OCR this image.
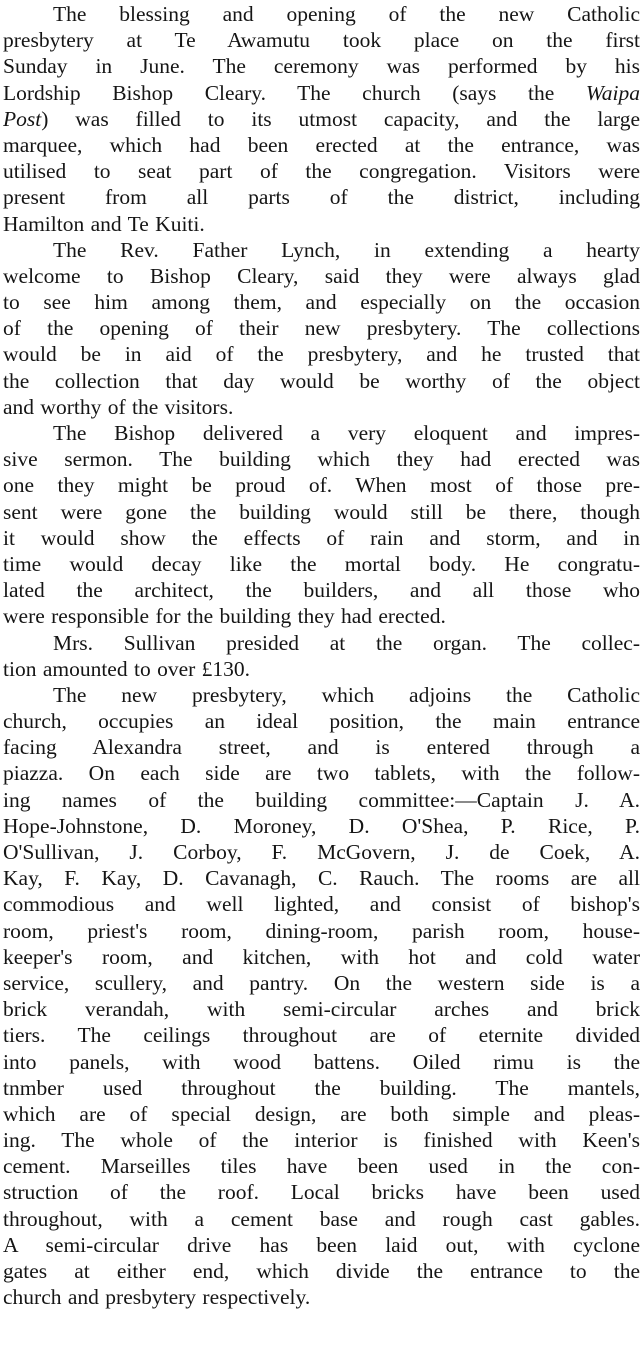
The blessing and opening of the new Catholic
presbytery at Te Awamutu took place on the first
Sunday in June. The ceremony was performed by his
Lordship Bishop Cleary. The church (says the Waipa
Post) was filled to its utmost capacity, and the large
marquee, which had been erected at the entrance, was
utilised to seat part of the congregation. Visitors were
present from all parts of the district, including
Hamilton and Te Kuiti.
The Rev. Father Lynch, in extending a hearty
welcome to Bishop Cleary, said they were always glad
to see him among them, and especially on the occasion
of the opening of their new presbytery. The collections
would be in aid of the presbytery, and he trusted that
the collection that day would be worthy of the object
and worthy of the visitors.
The Bishop delivered a very eloquent and impres-
sive sermon. The building which they had erected was
one they might be proud of. When most of those pre-
sent were gone the building would still be there, though
it would show the effects of rain and storm, and in
time would decay like the mortal body. He congratu-
lated the architect, the builders, and all those who
were responsible for the building they had erected.
Mrs. Sullivan presided at the organ. The collec-
tion amounted to over £130.
The new presbytery, which adjoins the Catholic
church, occupies an ideal position, the main entrance
facing Alexandra street, and is entered through a
piazza. On each side are two tablets, with the follow-
ing names of the building committee:—Captain J. A.
Hope-Johnstone, D. Moroney, D. O'Shea, P. Rice, P.
O'Sullivan, J. Corboy, F. McGovern, J. de Coek, A.
Kay, F. Kay, D. Cavanagh, C. Rauch. The rooms are all
commodious and well lighted, and consist of bishop's
room, priest's room, dining-room, parish room, house-
keeper's room, and kitchen, with hot and cold water
service, scullery, and pantry. On the western side is a
brick verandah, with semi-circular arches and brick
tiers. The ceilings throughout are of eternite divided
into panels, with wood battens. Oiled rimu is the
tnmber used throughout the building. The mantels,
which are of special design, are both simple and pleas-
ing. The whole of the interior is finished with Keen's
cement. Marseilles tiles have been used in the con-
struction of the roof. Local bricks have been used
throughout, with a cement base and rough cast gables.
A semi-circular drive has been laid out, with cyclone
gates at either end, which divide the entrance to the
church and presbytery respectively.
